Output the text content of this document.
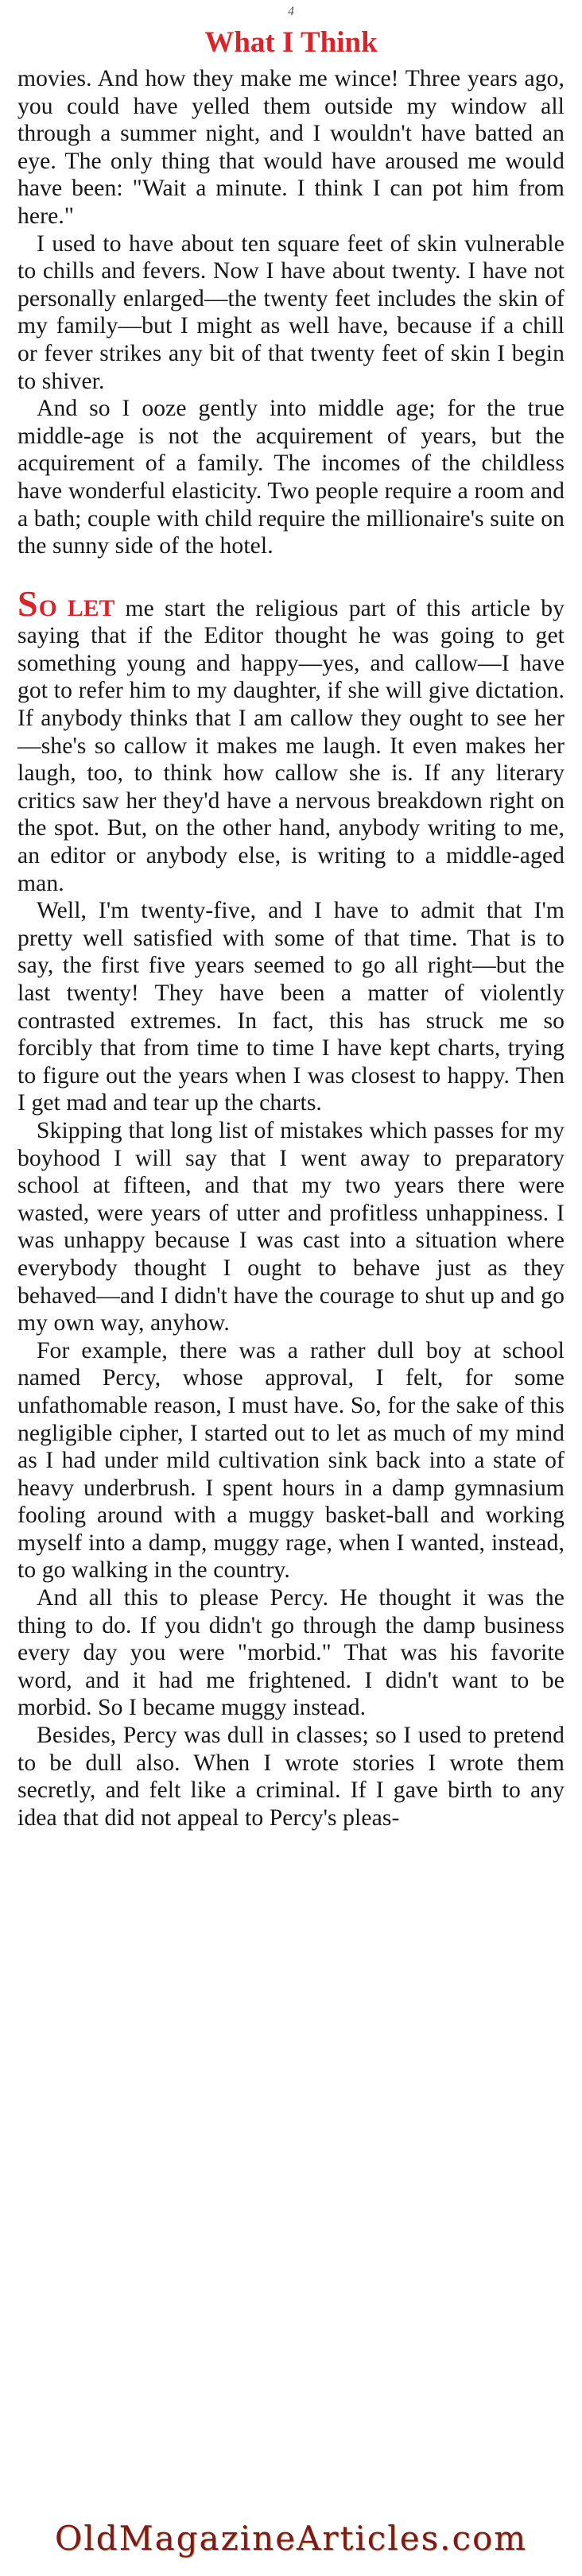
4
What I Think

movies. And how they make me wince! Three years ago, you could have yelled them outside my window all through a summer night, and I wouldn't have batted an eye. The only thing that would have aroused me would have been: "Wait a minute. I think I can pot him from here."

I used to have about ten square feet of skin vulnerable to chills and fevers. Now I have about twenty. I have not personally enlarged—the twenty feet includes the skin of my family—but I might as well have, because if a chill or fever strikes any bit of that twenty feet of skin I begin to shiver.

And so I ooze gently into middle age; for the true middle-age is not the acquirement of years, but the acquirement of a family. The incomes of the childless have wonderful elasticity. Two people require a room and a bath; couple with child require the millionaire's suite on the sunny side of the hotel.

SO LET me start the religious part of this article by saying that if the Editor thought he was going to get something young and happy—yes, and callow—I have got to refer him to my daughter, if she will give dictation. If anybody thinks that I am callow they ought to see her—she's so callow it makes me laugh. It even makes her laugh, too, to think how callow she is. If any literary critics saw her they'd have a nervous breakdown right on the spot. But, on the other hand, anybody writing to me, an editor or anybody else, is writing to a middle-aged man.

Well, I'm twenty-five, and I have to admit that I'm pretty well satisfied with some of that time. That is to say, the first five years seemed to go all right—but the last twenty! They have been a matter of violently contrasted extremes. In fact, this has struck me so forcibly that from time to time I have kept charts, trying to figure out the years when I was closest to happy. Then I get mad and tear up the charts.

Skipping that long list of mistakes which passes for my boyhood I will say that I went away to preparatory school at fifteen, and that my two years there were wasted, were years of utter and profitless unhappiness. I was unhappy because I was cast into a situation where everybody thought I ought to behave just as they behaved—and I didn't have the courage to shut up and go my own way, anyhow.

For example, there was a rather dull boy at school named Percy, whose approval, I felt, for some unfathomable reason, I must have. So, for the sake of this negligible cipher, I started out to let as much of my mind as I had under mild cultivation sink back into a state of heavy underbrush. I spent hours in a damp gymnasium fooling around with a muggy basket-ball and working myself into a damp, muggy rage, when I wanted, instead, to go walking in the country.

And all this to please Percy. He thought it was the thing to do. If you didn't go through the damp business every day you were "morbid." That was his favorite word, and it had me frightened. I didn't want to be morbid. So I became muggy instead.

Besides, Percy was dull in classes; so I used to pretend to be dull also. When I wrote stories I wrote them secretly, and felt like a criminal. If I gave birth to any idea that did not appeal to Percy's pleas-

OldMagazineArticles.com
